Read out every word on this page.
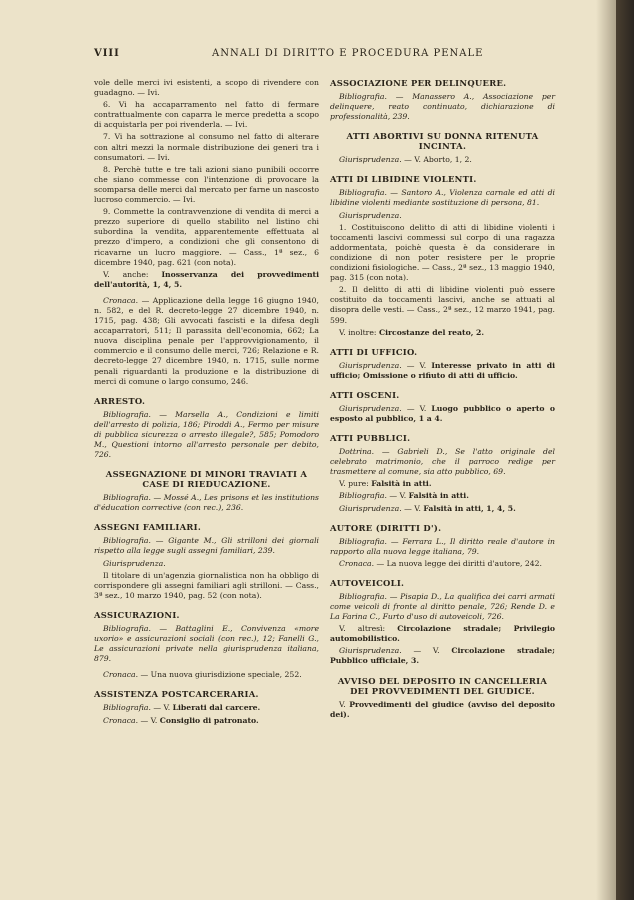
VIII	ANNALI DI DIRITTO E PROCEDURA PENALE

vole delle merci ivi esistenti, a scopo di rivendere con guadagno. — Ivi.

6. Vi ha accaparramento nel fatto di fermare contrattualmente con caparra le merce predetta a scopo di acquistarla per poi rivenderla. — Ivi.

7. Vi ha sottrazione al consumo nel fatto di alterare con altri mezzi la normale distribuzione dei generi tra i consumatori. — Ivi.

8. Perchè tutte e tre tali azioni siano punibili occorre che siano commesse con l'intenzione di provocare la scomparsa delle merci dal mercato per farne un nascosto lucroso commercio. — Ivi.

9. Commette la contravvenzione di vendita di merci a prezzo superiore di quello stabilito nel listino chi subordina la vendita, apparentemente effettuata al prezzo d'impero, a condizioni che gli consentono di ricavarne un lucro maggiore. — Cass., 1ª sez., 6 dicembre 1940, pag. 621 (con nota).

V. anche: Inosservanza dei provvedimenti dell'autorità, 1, 4, 5.

Cronaca. — Applicazione della legge 16 giugno 1940, n. 582, e del R. decreto-legge 27 dicembre 1940, n. 1715, pag. 438; Gli avvocati fascisti e la difesa degli accaparratori, 511; Il parassita dell'economia, 662; La nuova disciplina penale per l'approvvigionamento, il commercio e il consumo delle merci, 726; Relazione e R. decreto-legge 27 dicembre 1940, n. 1715, sulle norme penali riguardanti la produzione e la distribuzione di merci di comune o largo consumo, 246.

ARRESTO.

Bibliografia. — Marsella A., Condizioni e limiti dell'arresto di polizia, 186; Piroddi A., Fermo per misure di pubblica sicurezza o arresto illegale?, 585; Pomodoro M., Questioni intorno all'arresto personale per debito, 726.

ASSEGNAZIONE DI MINORI TRAVIATI A CASE DI RIEDUCAZIONE.

Bibliografia. — Mossé A., Les prisons et les institutions d'éducation corrective (con rec.), 236.

ASSEGNI FAMILIARI.

Bibliografia. — Gigante M., Gli strilloni dei giornali rispetto alla legge sugli assegni familiari, 239.

Giurisprudenza.

Il titolare di un'agenzia giornalistica non ha obbligo di corrispondere gli assegni familiari agli strilloni. — Cass., 3ª sez., 10 marzo 1940, pag. 52 (con nota).

ASSICURAZIONI.

Bibliografia. — Battaglini E., Convivenza «more uxorio» e assicurazioni sociali (con rec.), 12; Fanelli G., Le assicurazioni private nella giurisprudenza italiana, 879.

Cronaca. — Una nuova giurisdizione speciale, 252.

ASSISTENZA POSTCARCERARIA.

Bibliografia. — V. Liberati dal carcere.

Cronaca. — V. Consiglio di patronato.

ASSOCIAZIONE PER DELINQUERE.

Bibliografia. — Manassero A., Associazione per delinquere, reato continuato, dichiarazione di professionalità, 239.

ATTI ABORTIVI SU DONNA RITENUTA INCINTA.

Giurisprudenza. — V. Aborto, 1, 2.

ATTI DI LIBIDINE VIOLENTI.

Bibliografia. — Santoro A., Violenza carnale ed atti di libidine violenti mediante sostituzione di persona, 81.

Giurisprudenza.

1. Costituiscono delitto di atti di libidine violenti i toccamenti lascivi commessi sul corpo di una ragazza addormentata, poichè questa è da considerare in condizione di non poter resistere per le proprie condizioni fisiologiche. — Cass., 2ª sez., 13 maggio 1940, pag. 315 (con nota).

2. Il delitto di atti di libidine violenti può essere costituito da toccamenti lascivi, anche se attuati al disopra delle vesti. — Cass., 2ª sez., 12 marzo 1941, pag. 599.

V. inoltre: Circostanze del reato, 2.

ATTI DI UFFICIO.

Giurisprudenza. — V. Interesse privato in atti di ufficio; Omissione o rifiuto di atti di ufficio.

ATTI OSCENI.

Giurisprudenza. — V. Luogo pubblico o aperto o esposto al pubblico, 1 a 4.

ATTI PUBBLICI.

Dottrina. — Gabrieli D., Se l'atto originale del celebrato matrimonio, che il parroco redige per trasmettere al comune, sia atto pubblico, 69.

V. pure: Falsità in atti.

Bibliografia. — V. Falsità in atti.

Giurisprudenza. — V. Falsità in atti, 1, 4, 5.

AUTORE (DIRITTI D').

Bibliografia. — Ferrara L., Il diritto reale d'autore in rapporto alla nuova legge italiana, 79.

Cronaca. — La nuova legge dei diritti d'autore, 242.

AUTOVEICOLI.

Bibliografia. — Pisapia D., La qualifica dei carri armati come veicoli di fronte al diritto penale, 726; Rende D. e La Farina C., Furto d'uso di autoveicoli, 726.

V. altresì: Circolazione stradale; Privilegio automobilistico.

Giurisprudenza. — V. Circolazione stradale; Pubblico ufficiale, 3.

AVVISO DEL DEPOSITO IN CANCELLERIA DEI PROVVEDIMENTI DEL GIUDICE.

V. Provvedimenti del giudice (avviso del deposito dei).
